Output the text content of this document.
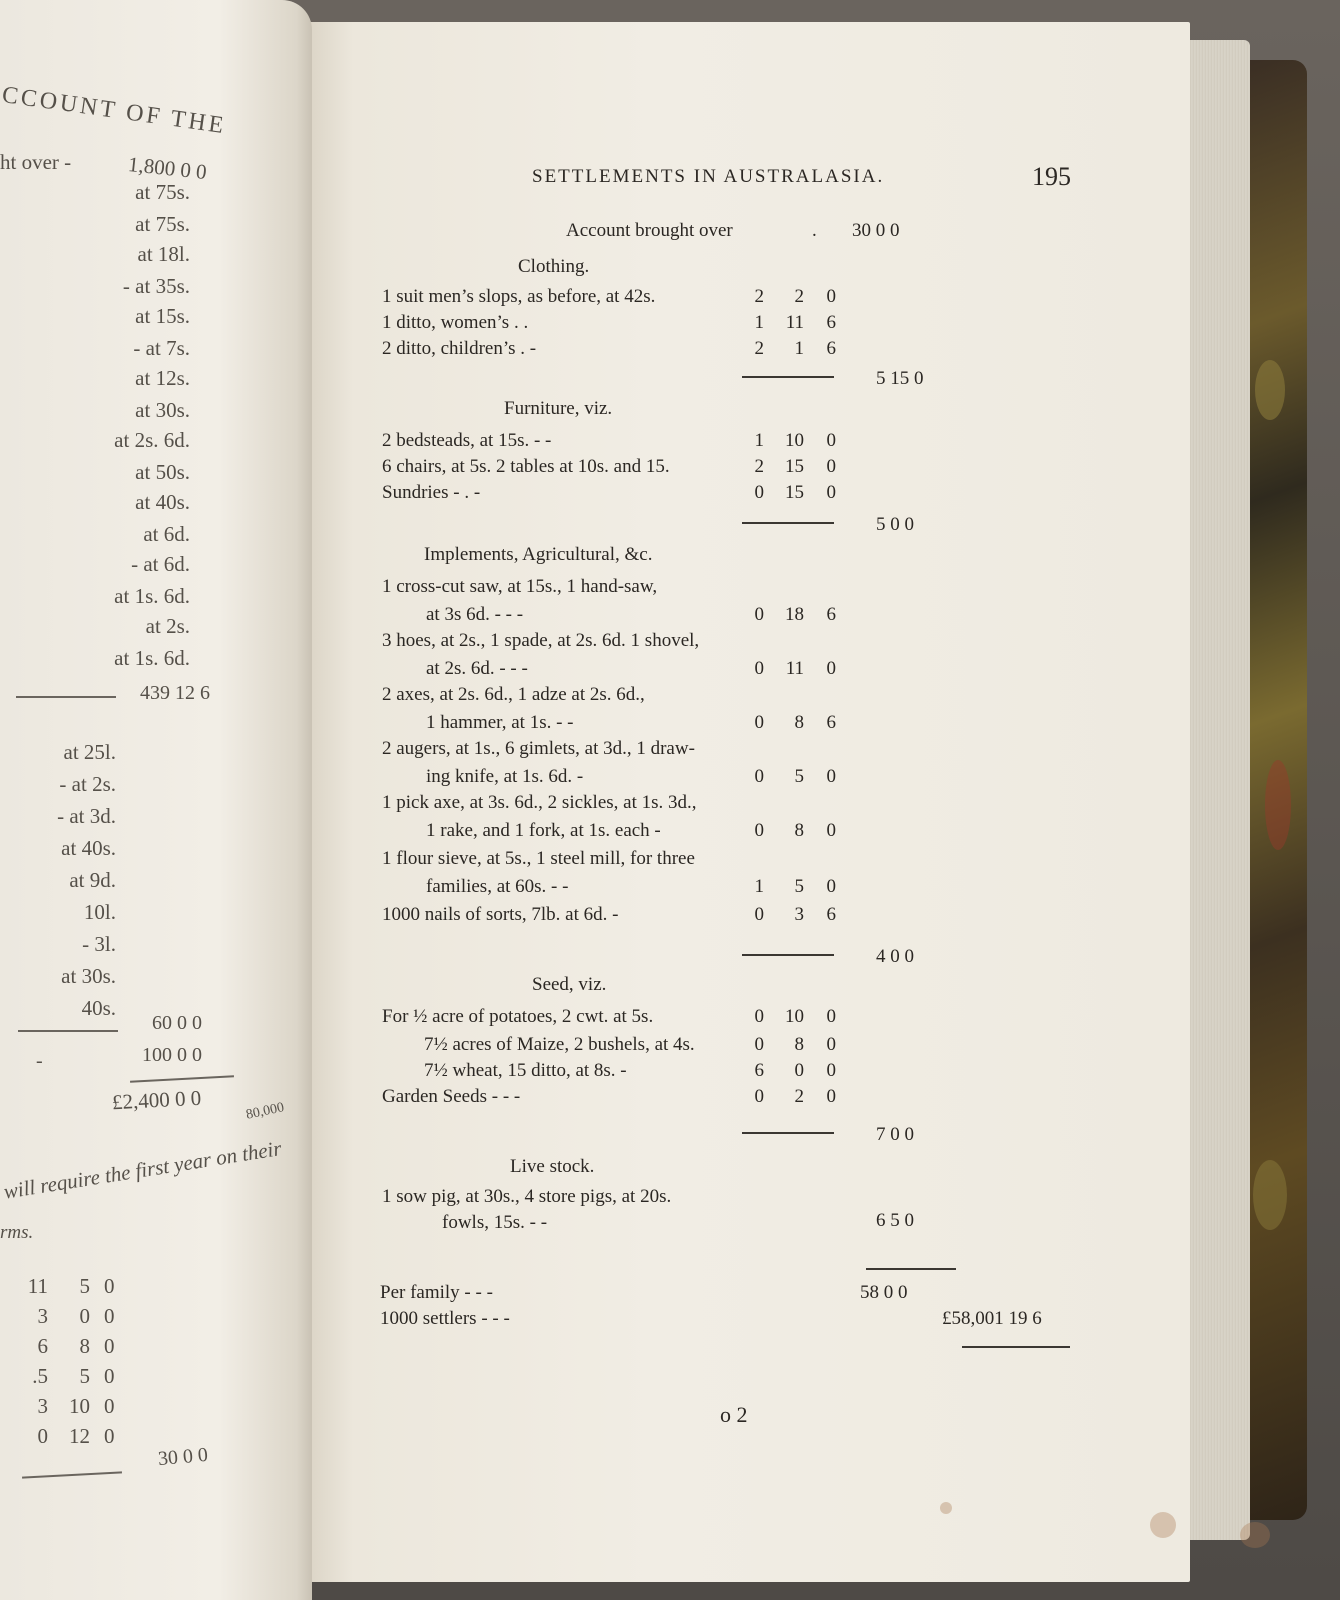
SETTLEMENTS IN AUSTRALASIA.	195
Account brought over	. 30 0 0
Clothing.
1 suit men’s slops, as before, at 42s.	2	2	0
1 ditto, women’s . .	1	11	6
2 ditto, children’s . -	2	1	6
5 15 0
Furniture, viz.
2 bedsteads, at 15s. - -	1	10	0
6 chairs, at 5s. 2 tables at 10s. and 15.	2	15	0
Sundries - . -	0	15	0
5 0 0
Implements, Agricultural, &c.
1 cross-cut saw, at 15s., 1 hand-saw,
at 3s 6d. - - -	0	18	6
3 hoes, at 2s., 1 spade, at 2s. 6d. 1 shovel,
at 2s. 6d. - - -	0	11	0
2 axes, at 2s. 6d., 1 adze at 2s. 6d.,
1 hammer, at 1s. - -	0	8	6
2 augers, at 1s., 6 gimlets, at 3d., 1 draw-
ing knife, at 1s. 6d. -	0	5	0
1 pick axe, at 3s. 6d., 2 sickles, at 1s. 3d.,
1 rake, and 1 fork, at 1s. each -	0	8	0
1 flour sieve, at 5s., 1 steel mill, for three
families, at 60s. - -	1	5	0
1000 nails of sorts, 7lb. at 6d. -	0	3	6
4 0 0
Seed, viz.
For ½ acre of potatoes, 2 cwt. at 5s.	0	10	0
7½ acres of Maize, 2 bushels, at 4s.	0	8	0
7½ wheat, 15 ditto, at 8s. -	6	0	0
Garden Seeds - - -	0	2	0
7 0 0
Live stock.
1 sow pig, at 30s., 4 store pigs, at 20s.
fowls, 15s. - -	6 5 0
Per family - - -	58 0 0
1000 settlers - - -	£58,001 19 6
o 2
CCOUNT OF THE
ht over -	1,800 0 0
at 75s.
at 75s.
at 18l.
- at 35s.
at 15s.
- at 7s.
at 12s.
at 30s.
at 2s. 6d.
at 50s.
at 40s.
at 6d.
- at 6d.
at 1s. 6d.
at 2s.
at 1s. 6d.
439 12 6
at 25l.
- at 2s.
- at 3d.
at 40s.
at 9d.
10l.
- 3l.
at 30s.
40s.
60 0 0
-	100 0 0
£2,400 0 0	80,000
will require the first year on their
rms.
11	5 0
3	0 0
6	8 0
.5	5 0
3	10 0
0	12 0
30 0 0
